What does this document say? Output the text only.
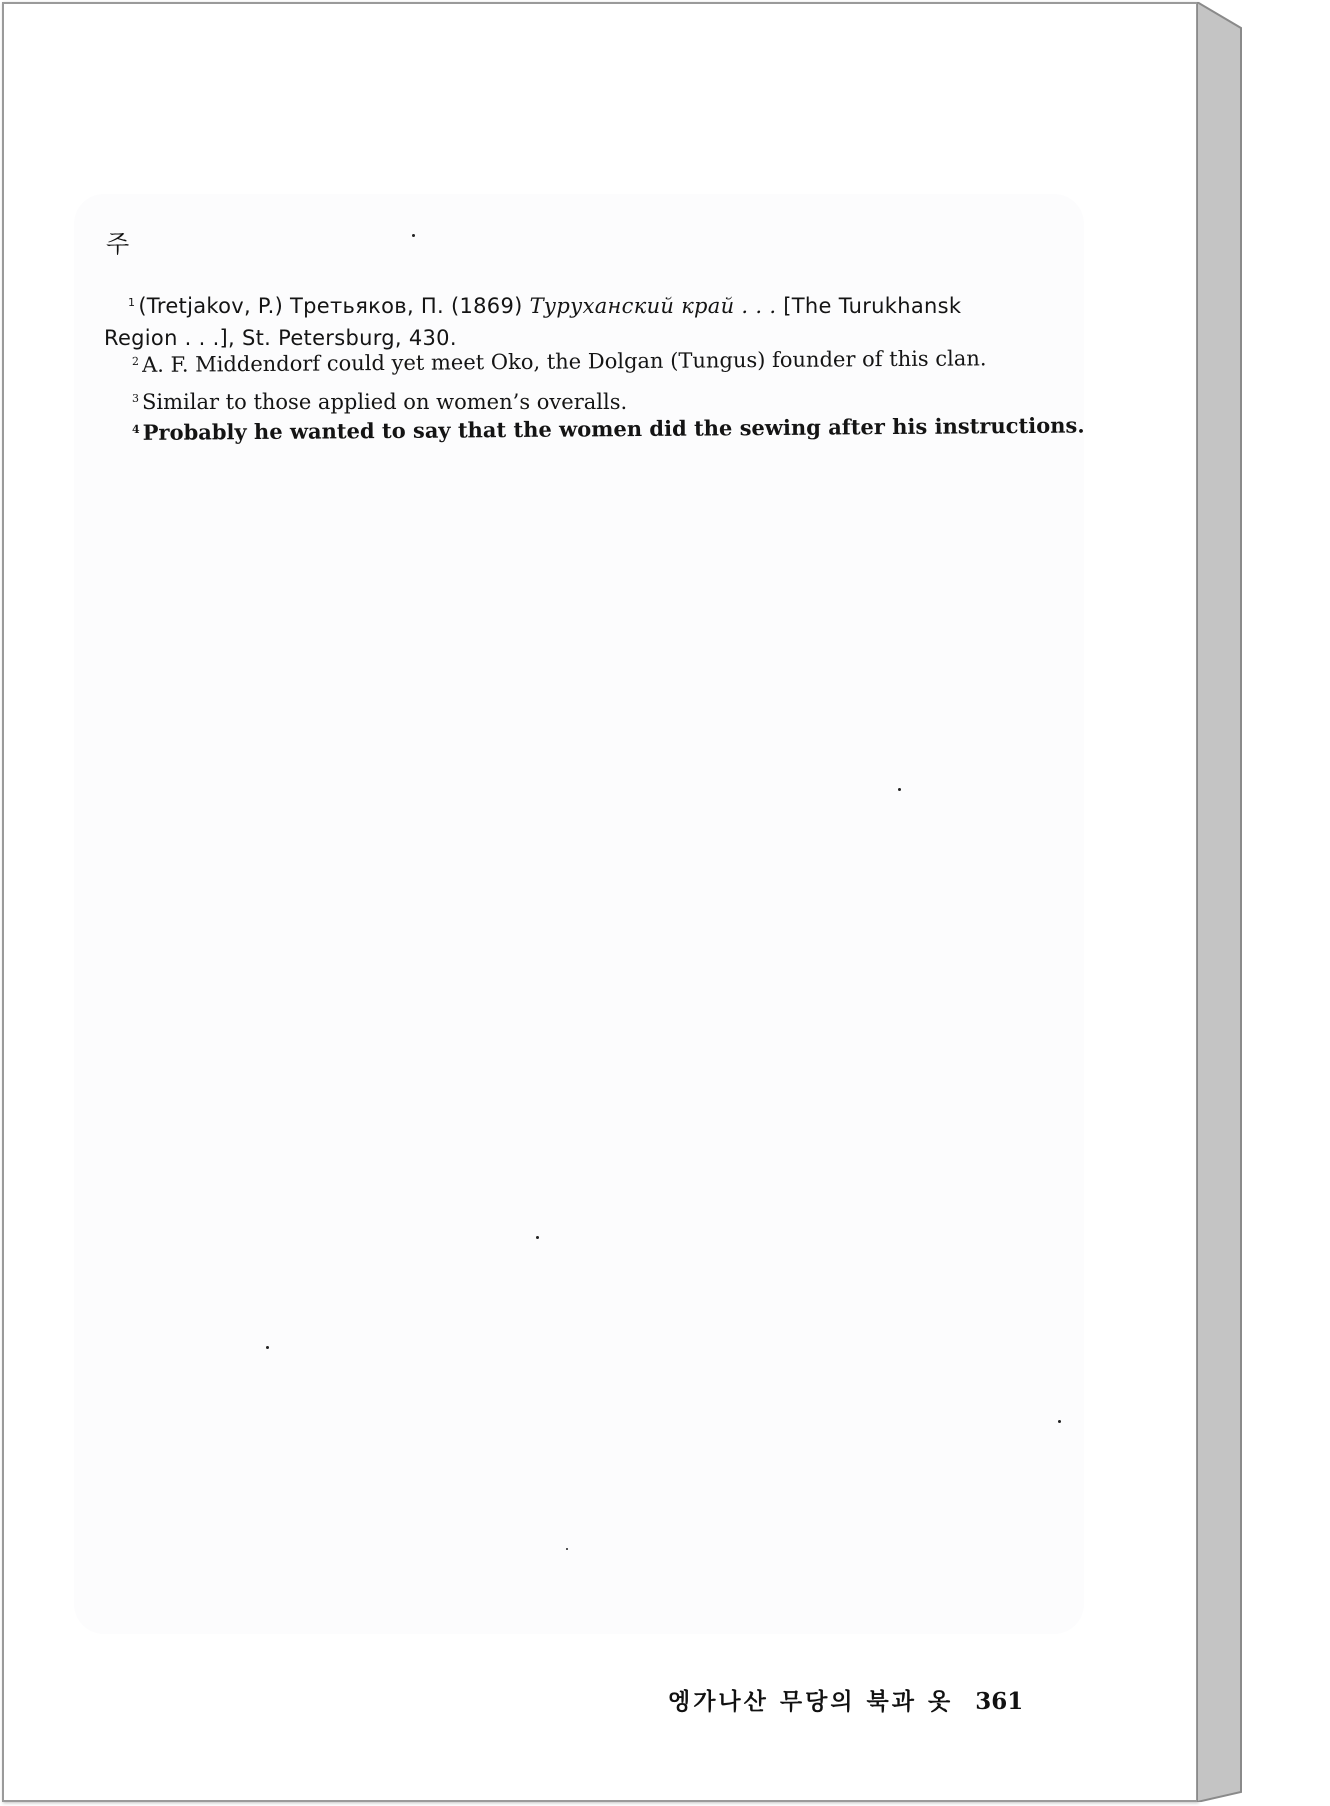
주
$^1$ (Tretjakov, P.) Третьяков, П. (1869) Туруханский край . . . [The Turukhansk
Region . . .], St. Petersburg, 430.
$^2$ A. F. Middendorf could yet meet Oko, the Dolgan (Tungus) founder of this clan.
$^3$ Similar to those applied on women’s overalls.
$^4$ Probably he wanted to say that the women did the sewing after his instructions.
엥가나산 무당의 북과 옷 361
